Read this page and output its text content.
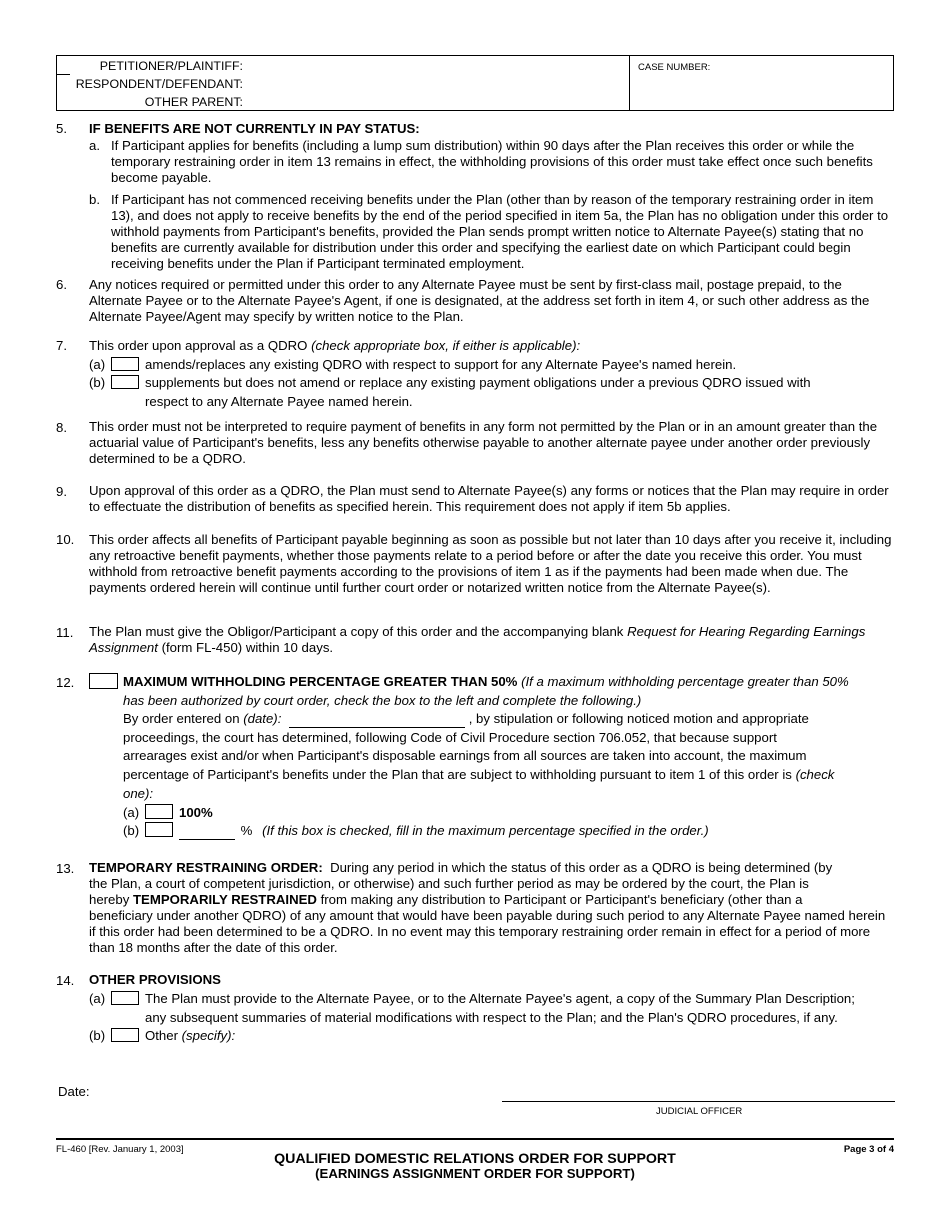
PETITIONER/PLAINTIFF:
RESPONDENT/DEFENDANT:
OTHER PARENT:
CASE NUMBER:
5. IF BENEFITS ARE NOT CURRENTLY IN PAY STATUS:
a. If Participant applies for benefits (including a lump sum distribution) within 90 days after the Plan receives this order or while the temporary restraining order in item 13 remains in effect, the withholding provisions of this order must take effect once such benefits become payable.
b. If Participant has not commenced receiving benefits under the Plan (other than by reason of the temporary restraining order in item 13), and does not apply to receive benefits by the end of the period specified in item 5a, the Plan has no obligation under this order to withhold payments from Participant's benefits, provided the Plan sends prompt written notice to Alternate Payee(s) stating that no benefits are currently available for distribution under this order and specifying the earliest date on which Participant could begin receiving benefits under the Plan if Participant terminated employment.
6. Any notices required or permitted under this order to any Alternate Payee must be sent by first-class mail, postage prepaid, to the Alternate Payee or to the Alternate Payee's Agent, if one is designated, at the address set forth in item 4, or such other address as the Alternate Payee/Agent may specify by written notice to the Plan.
7. This order upon approval as a QDRO (check appropriate box, if either is applicable):
(a)	amends/replaces any existing QDRO with respect to support for any Alternate Payee's named herein.
(b)	supplements but does not amend or replace any existing payment obligations under a previous QDRO issued with
respect to any Alternate Payee named herein.
8. This order must not be interpreted to require payment of benefits in any form not permitted by the Plan or in an amount greater than the actuarial value of Participant's benefits, less any benefits otherwise payable to another alternate payee under another order previously determined to be a QDRO.
9. Upon approval of this order as a QDRO, the Plan must send to Alternate Payee(s) any forms or notices that the Plan may require in order to effectuate the distribution of benefits as specified herein. This requirement does not apply if item 5b applies.
10. This order affects all benefits of Participant payable beginning as soon as possible but not later than 10 days after you receive it, including any retroactive benefit payments, whether those payments relate to a period before or after the date you receive this order. You must withhold from retroactive benefit payments according to the provisions of item 1 as if the payments had been made when due. The payments ordered herein will continue until further court order or notarized written notice from the Alternate Payee(s).
11. The Plan must give the Obligor/Participant a copy of this order and the accompanying blank Request for Hearing Regarding Earnings Assignment (form FL-450) within 10 days.
12.	MAXIMUM WITHHOLDING PERCENTAGE GREATER THAN 50% (If a maximum withholding percentage greater than 50%
has been authorized by court order, check the box to the left and complete the following.)
By order entered on (date):	, by stipulation or following noticed motion and appropriate
proceedings, the court has determined, following Code of Civil Procedure section 706.052, that because support
arrearages exist and/or when Participant's disposable earnings from all sources are taken into account, the maximum
percentage of Participant's benefits under the Plan that are subject to withholding pursuant to item 1 of this order is (check
one):
(a)	100%
(b)	% (If this box is checked, fill in the maximum percentage specified in the order.)
13. TEMPORARY RESTRAINING ORDER: During any period in which the status of this order as a QDRO is being determined (by
the Plan, a court of competent jurisdiction, or otherwise) and such further period as may be ordered by the court, the Plan is
hereby TEMPORARILY RESTRAINED from making any distribution to Participant or Participant's beneficiary (other than a
beneficiary under another QDRO) of any amount that would have been payable during such period to any Alternate Payee named herein if this order had been determined to be a QDRO. In no event may this temporary restraining order remain in effect for a period of more than 18 months after the date of this order.
14. OTHER PROVISIONS
(a)	The Plan must provide to the Alternate Payee, or to the Alternate Payee's agent, a copy of the Summary Plan Description;
any subsequent summaries of material modifications with respect to the Plan; and the Plan's QDRO procedures, if any.
(b)	Other (specify):
Date:
JUDICIAL OFFICER
FL-460 [Rev. January 1, 2003]
QUALIFIED DOMESTIC RELATIONS ORDER FOR SUPPORT
(EARNINGS ASSIGNMENT ORDER FOR SUPPORT)
Page 3 of 4
